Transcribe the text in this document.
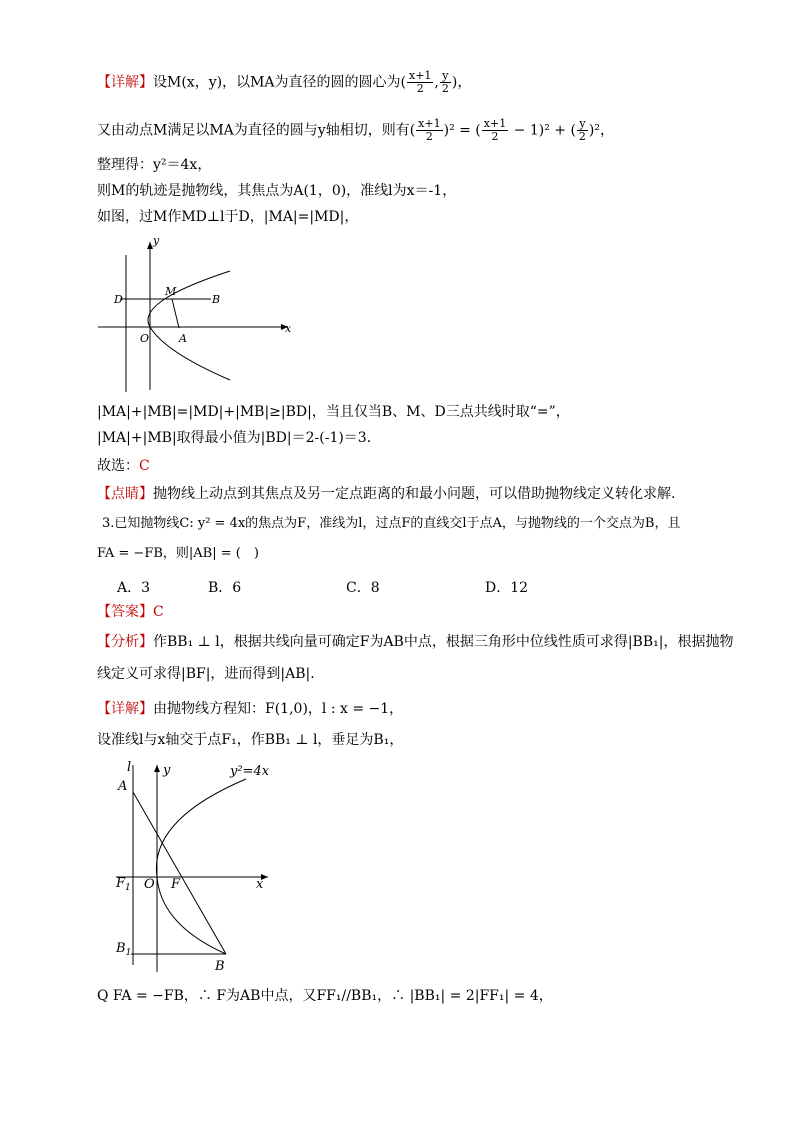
【详解】设M(x，y)，以MA为直径的圆的圆心为( $\frac{x+1}{2}$ , $\frac{y}{2}$ )，
又由动点M满足以MA为直径的圆与y轴相切，则有( $\frac{x+1}{2} )^2$ = ( $\frac{x+1}{2} - 1)^2$ + ( $\frac{y}{2} )^2$，
整理得：y²＝4x，
则M的轨迹是抛物线，其焦点为A(1，0)，准线l为x＝-1，
如图，过M作MD⊥l于D，|MA|=|MD|，
y
x
D
M
B
O	A
|MA|+|MB|=|MD|+|MB|≥|BD|，当且仅当B、M、D三点共线时取“=”，
|MA|+|MB|取得最小值为|BD|＝2-(-1)＝3．
故选：C
【点睛】抛物线上动点到其焦点及另一定点距离的和最小问题，可以借助抛物线定义转化求解.
3.已知抛物线C: y² = 4x的焦点为F，准线为l，过点F的直线交l于点A，与抛物线的一个交点为B，且
FA = −FB，则|AB| = (　)
A．3	B．6	C．8	D．12
【答案】C
【分析】作BB₁ ⊥ l，根据共线向量可确定F为AB中点，根据三角形中位线性质可求得|BB₁|，根据抛物
线定义可求得|BF|，进而得到|AB|.
【详解】由抛物线方程知：F(1,0)，l : x = −1，
设准线l与x轴交于点F₁，作BB₁ ⊥ l，垂足为B₁，
l y	y²=4x
A
$F_1$ O F	x
$B_1$
B
Q FA = −FB，∴ F为AB中点，又FF₁//BB₁，∴ |BB₁| = 2|FF₁| = 4，
